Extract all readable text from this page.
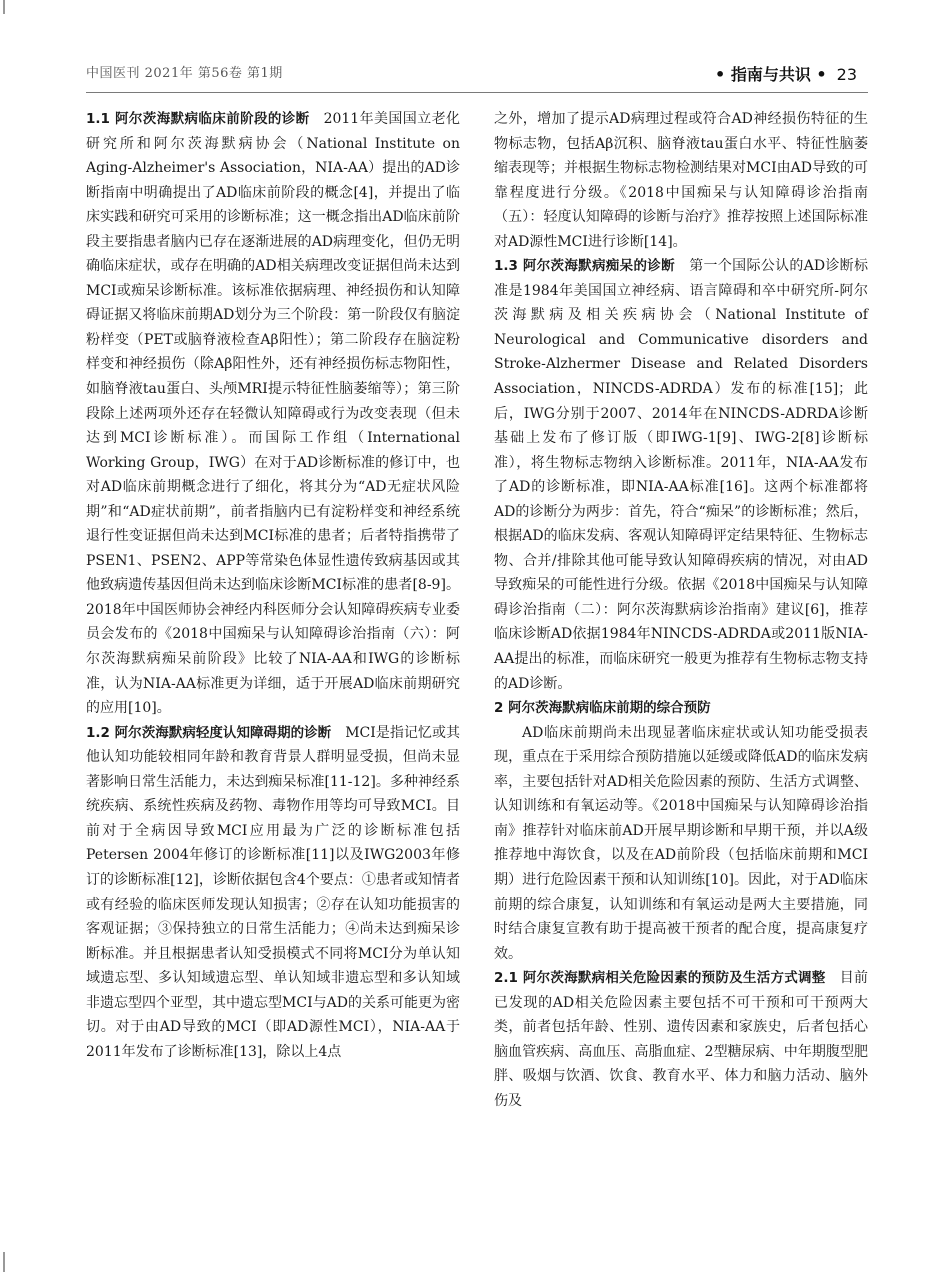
中国医刊 2021年 第56卷 第1期	• 指南与共识 • 23

1.1 阿尔茨海默病临床前阶段的诊断 2011年美国国立老化研究所和阿尔茨海默病协会（National Institute on Aging-Alzheimer's Association，NIA-AA）提出的AD诊断指南中明确提出了AD临床前阶段的概念[4]，并提出了临床实践和研究可采用的诊断标准；这一概念指出AD临床前阶段主要指患者脑内已存在逐渐进展的AD病理变化，但仍无明确临床症状，或存在明确的AD相关病理改变证据但尚未达到MCI或痴呆诊断标准。该标准依据病理、神经损伤和认知障碍证据又将临床前期AD划分为三个阶段：第一阶段仅有脑淀粉样变（PET或脑脊液检查Aβ阳性）；第二阶段存在脑淀粉样变和神经损伤（除Aβ阳性外，还有神经损伤标志物阳性，如脑脊液tau蛋白、头颅MRI提示特征性脑萎缩等）；第三阶段除上述两项外还存在轻微认知障碍或行为改变表现（但未达到MCI诊断标准）。而国际工作组（International Working Group，IWG）在对于AD诊断标准的修订中，也对AD临床前期概念进行了细化，将其分为“AD无症状风险期”和“AD症状前期”，前者指脑内已有淀粉样变和神经系统退行性变证据但尚未达到MCI标准的患者；后者特指携带了PSEN1、PSEN2、APP等常染色体显性遗传致病基因或其他致病遗传基因但尚未达到临床诊断MCI标准的患者[8-9]。2018年中国医师协会神经内科医师分会认知障碍疾病专业委员会发布的《2018中国痴呆与认知障碍诊治指南（六）：阿尔茨海默病痴呆前阶段》比较了NIA-AA和IWG的诊断标准，认为NIA-AA标准更为详细，适于开展AD临床前期研究的应用[10]。

1.2 阿尔茨海默病轻度认知障碍期的诊断 MCI是指记忆或其他认知功能较相同年龄和教育背景人群明显受损，但尚未显著影响日常生活能力，未达到痴呆标准[11-12]。多种神经系统疾病、系统性疾病及药物、毒物作用等均可导致MCI。目前对于全病因导致MCI应用最为广泛的诊断标准包括Petersen 2004年修订的诊断标准[11]以及IWG2003年修订的诊断标准[12]，诊断依据包含4个要点：①患者或知情者或有经验的临床医师发现认知损害；②存在认知功能损害的客观证据；③保持独立的日常生活能力；④尚未达到痴呆诊断标准。并且根据患者认知受损模式不同将MCI分为单认知域遗忘型、多认知域遗忘型、单认知域非遗忘型和多认知域非遗忘型四个亚型，其中遗忘型MCI与AD的关系可能更为密切。对于由AD导致的MCI（即AD源性MCI），NIA-AA于2011年发布了诊断标准[13]，除以上4点

之外，增加了提示AD病理过程或符合AD神经损伤特征的生物标志物，包括Aβ沉积、脑脊液tau蛋白水平、特征性脑萎缩表现等；并根据生物标志物检测结果对MCI由AD导致的可靠程度进行分级。《2018中国痴呆与认知障碍诊治指南（五）：轻度认知障碍的诊断与治疗》推荐按照上述国际标准对AD源性MCI进行诊断[14]。

1.3 阿尔茨海默病痴呆的诊断 第一个国际公认的AD诊断标准是1984年美国国立神经病、语言障碍和卒中研究所-阿尔茨海默病及相关疾病协会（National Institute of Neurological and Communicative disorders and Stroke-Alzhermer Disease and Related Disorders Association，NINCDS-ADRDA）发布的标准[15]；此后，IWG分别于2007、2014年在NINCDS-ADRDA诊断基础上发布了修订版（即IWG-1[9]、IWG-2[8]诊断标准），将生物标志物纳入诊断标准。2011年，NIA-AA发布了AD的诊断标准，即NIA-AA标准[16]。这两个标准都将AD的诊断分为两步：首先，符合“痴呆”的诊断标准；然后，根据AD的临床发病、客观认知障碍评定结果特征、生物标志物、合并/排除其他可能导致认知障碍疾病的情况，对由AD导致痴呆的可能性进行分级。依据《2018中国痴呆与认知障碍诊治指南（二）：阿尔茨海默病诊治指南》建议[6]，推荐临床诊断AD依据1984年NINCDS-ADRDA或2011版NIA-AA提出的标准，而临床研究一般更为推荐有生物标志物支持的AD诊断。

2 阿尔茨海默病临床前期的综合预防

AD临床前期尚未出现显著临床症状或认知功能受损表现，重点在于采用综合预防措施以延缓或降低AD的临床发病率，主要包括针对AD相关危险因素的预防、生活方式调整、认知训练和有氧运动等。《2018中国痴呆与认知障碍诊治指南》推荐针对临床前AD开展早期诊断和早期干预，并以A级推荐地中海饮食，以及在AD前阶段（包括临床前期和MCI期）进行危险因素干预和认知训练[10]。因此，对于AD临床前期的综合康复，认知训练和有氧运动是两大主要措施，同时结合康复宣教有助于提高被干预者的配合度，提高康复疗效。

2.1 阿尔茨海默病相关危险因素的预防及生活方式调整 目前已发现的AD相关危险因素主要包括不可干预和可干预两大类，前者包括年龄、性别、遗传因素和家族史，后者包括心脑血管疾病、高血压、高脂血症、2型糖尿病、中年期腹型肥胖、吸烟与饮酒、饮食、教育水平、体力和脑力活动、脑外伤及
